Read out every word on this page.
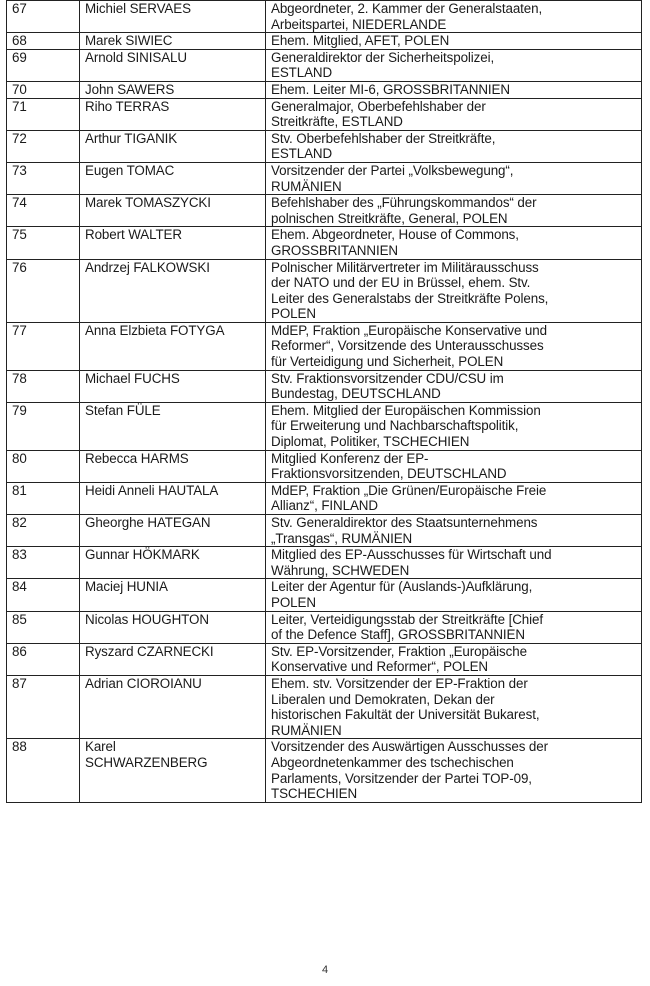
67	Michiel SERVAES	Abgeordneter, 2. Kammer der Generalstaaten,
Arbeitspartei, NIEDERLANDE
68	Marek SIWIEC	Ehem. Mitglied, AFET, POLEN
69	Arnold SINISALU	Generaldirektor der Sicherheitspolizei,
ESTLAND
70	John SAWERS	Ehem. Leiter MI-6, GROSSBRITANNIEN
71	Riho TERRAS	Generalmajor, Oberbefehlshaber der
Streitkräfte, ESTLAND
72	Arthur TIGANIK	Stv. Oberbefehlshaber der Streitkräfte,
ESTLAND
73	Eugen TOMAC	Vorsitzender der Partei „Volksbewegung“,
RUMÄNIEN
74	Marek TOMASZYCKI	Befehlshaber des „Führungskommandos“ der
polnischen Streitkräfte, General, POLEN
75	Robert WALTER	Ehem. Abgeordneter, House of Commons,
GROSSBRITANNIEN
76	Andrzej FALKOWSKI	Polnischer Militärvertreter im Militärausschuss
der NATO und der EU in Brüssel, ehem. Stv.
Leiter des Generalstabs der Streitkräfte Polens,
POLEN
77	Anna Elzbieta FOTYGA	MdEP, Fraktion „Europäische Konservative und
Reformer“, Vorsitzende des Unterausschusses
für Verteidigung und Sicherheit, POLEN
78	Michael FUCHS	Stv. Fraktionsvorsitzender CDU/CSU im
Bundestag, DEUTSCHLAND
79	Stefan FÜLE	Ehem. Mitglied der Europäischen Kommission
für Erweiterung und Nachbarschaftspolitik,
Diplomat, Politiker, TSCHECHIEN
80	Rebecca HARMS	Mitglied Konferenz der EP-
Fraktionsvorsitzenden, DEUTSCHLAND
81	Heidi Anneli HAUTALA	MdEP, Fraktion „Die Grünen/Europäische Freie
Allianz“, FINLAND
82	Gheorghe HATEGAN	Stv. Generaldirektor des Staatsunternehmens
„Transgas“, RUMÄNIEN
83	Gunnar HÖKMARK	Mitglied des EP-Ausschusses für Wirtschaft und
Währung, SCHWEDEN
84	Maciej HUNIA	Leiter der Agentur für (Auslands-)Aufklärung,
POLEN
85	Nicolas HOUGHTON	Leiter, Verteidigungsstab der Streitkräfte [Chief
of the Defence Staff], GROSSBRITANNIEN
86	Ryszard CZARNECKI	Stv. EP-Vorsitzender, Fraktion „Europäische
Konservative und Reformer“, POLEN
87	Adrian CIOROIANU	Ehem. stv. Vorsitzender der EP-Fraktion der
Liberalen und Demokraten, Dekan der
historischen Fakultät der Universität Bukarest,
RUMÄNIEN
88	Karel
SCHWARZENBERG	Vorsitzender des Auswärtigen Ausschusses der
Abgeordnetenkammer des tschechischen
Parlaments, Vorsitzender der Partei TOP-09,
TSCHECHIEN
4
